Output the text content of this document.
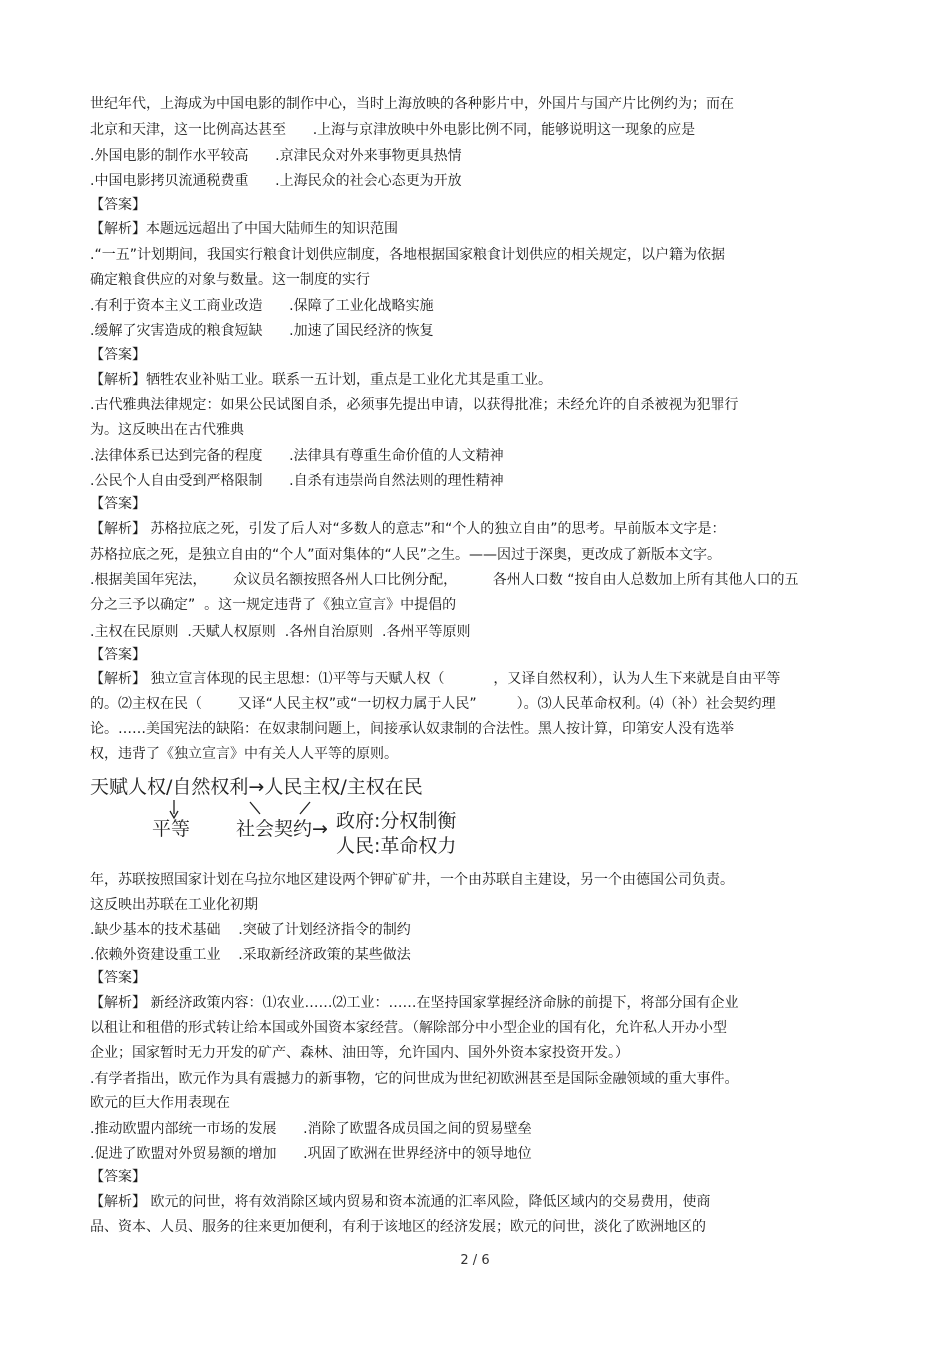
世纪年代，上海成为中国电影的制作中心，当时上海放映的各种影片中，外国片与国产片比例约为；而在
北京和天津，这一比例高达甚至      .上海与京津放映中外电影比例不同，能够说明这一现象的应是
.外国电影的制作水平较高      .京津民众对外来事物更具热情
.中国电影拷贝流通税费重      .上海民众的社会心态更为开放
【答案】
【解析】本题远远超出了中国大陆师生的知识范围
.“一五”计划期间，我国实行粮食计划供应制度，各地根据国家粮食计划供应的相关规定，以户籍为依据
确定粮食供应的对象与数量。这一制度的实行
.有利于资本主义工商业改造      .保障了工业化战略实施
.缓解了灾害造成的粮食短缺      .加速了国民经济的恢复
【答案】
【解析】牺牲农业补贴工业。联系一五计划，重点是工业化尤其是重工业。
.古代雅典法律规定：如果公民试图自杀，必须事先提出申请，以获得批准；未经允许的自杀被视为犯罪行
为。这反映出在古代雅典
.法律体系已达到完备的程度      .法律具有尊重生命价值的人文精神
.公民个人自由受到严格限制      .自杀有违崇尚自然法则的理性精神
【答案】
【解析】 苏格拉底之死，引发了后人对“多数人的意志”和“个人的独立自由”的思考。早前版本文字是：
苏格拉底之死，是独立自由的“个人”面对集体的“人民”之生。——因过于深奥，更改成了新版本文字。
.根据美国年宪法，      众议员名额按照各州人口比例分配，        各州人口数 “按自由人总数加上所有其他人口的五
分之三予以确定”  。这一规定违背了《独立宣言》中提倡的
.主权在民原则  .天赋人权原则  .各州自治原则  .各州平等原则
【答案】
【解析】 独立宣言体现的民主思想：⑴平等与天赋人权（           ，又译自然权利），认为人生下来就是自由平等
的。⑵主权在民（        又译“人民主权”或“一切权力属于人民”         ）。⑶人民革命权利。⑷（补）社会契约理
论。……美国宪法的缺陷：在奴隶制问题上，间接承认奴隶制的合法性。黑人按计算，印第安人没有选举
权，违背了《独立宣言》中有关人人平等的原则。
天赋人权/自然权利→人民主权/主权在民
平等 社会契约→ 政府:分权制衡
人民:革命权力
年，苏联按照国家计划在乌拉尔地区建设两个钾矿矿井，一个由苏联自主建设，另一个由德国公司负责。
这反映出苏联在工业化初期
.缺少基本的技术基础    .突破了计划经济指令的制约
.依赖外资建设重工业    .采取新经济政策的某些做法
【答案】
【解析】 新经济政策内容：⑴农业……⑵工业：……在坚持国家掌握经济命脉的前提下，将部分国有企业
以租让和租借的形式转让给本国或外国资本家经营。（解除部分中小型企业的国有化，允许私人开办小型
企业；国家暂时无力开发的矿产、森林、油田等，允许国内、国外外资本家投资开发。）
.有学者指出，欧元作为具有震撼力的新事物，它的问世成为世纪初欧洲甚至是国际金融领域的重大事件。
欧元的巨大作用表现在
.推动欧盟内部统一市场的发展      .消除了欧盟各成员国之间的贸易壁垒
.促进了欧盟对外贸易额的增加      .巩固了欧洲在世界经济中的领导地位
【答案】
【解析】 欧元的问世，将有效消除区域内贸易和资本流通的汇率风险，降低区域内的交易费用，使商
品、资本、人员、服务的往来更加便利，有利于该地区的经济发展；欧元的问世，淡化了欧洲地区的
2 / 6
